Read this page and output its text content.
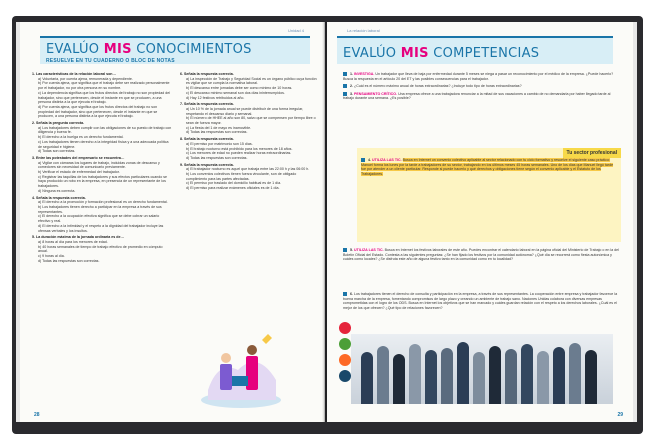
Unidad 4
EVALÚO MIS CONOCIMIENTOS
RESUELVE EN TU CUADERNO O BLOC DE NOTAS
1. Las características de la relación laboral son…
a) Voluntaria, por cuenta ajena, remunerada y dependiente.
b) Por cuenta ajena, que significa que el trabajo debe ser realizado personalmente por el trabajador, no por otra persona en su nombre.
c) La dependencia significa que los frutos directos del trabajo no son propiedad del trabajador, sino que pertenecen, desde el instante en que se producen, a una persona distinta a la que ejecuta el trabajo.
d) Por cuenta ajena, que significa que los frutos directos del trabajo no son propiedad del trabajador, sino que pertenecen, desde el instante en que se producen, a una persona distinta a la que ejecuta el trabajo.
2. Señala la pregunta correcta.
a) Los trabajadores deben cumplir con las obligaciones de su puesto de trabajo con diligencia y buena fe.
b) El derecho a la huelga es un derecho fundamental.
c) Los trabajadores tienen derecho a la integridad física y a una adecuada política de seguridad e higiene.
d) Todas son correctas.
3. Entre las potestades del empresario se encuentra…
a) Vigilar con cámaras los lugares de trabajo, incluidas zonas de descanso y comedores sin necesidad de comunicarlo previamente.
b) Verificar el estado de enfermedad del trabajador.
c) Registrar las taquillas de los trabajadores y sus efectos particulares cuando se haya producido un robo en la empresa, en presencia de un representante de los trabajadores.
d) Ninguna es correcta.
4. Señala la respuesta correcta.
a) El derecho a la promoción y formación profesional es un derecho fundamental.
b) Los trabajadores tienen derecho a participar en la empresa a través de sus representantes.
c) El derecho a la ocupación efectiva significa que se debe cobrar un salario efectivo y real.
d) El derecho a la intimidad y el respeto a la dignidad del trabajador incluye las ofensas verbales y los insultos.
5. La duración máxima de la jornada ordinaria es de…
a) 8 horas al día para los menores de edad.
b) 40 horas semanales de tiempo de trabajo efectivo de promedio en cómputo anual.
c) 9 horas al día.
d) Todas las respuestas son correctas.
6. Señala la respuesta correcta.
a) La inspección de Trabajo y Seguridad Social es un órgano público cuya función es vigilar que se cumpla la normativa laboral.
b) El descanso entre jornadas debe ser como mínimo de 10 horas.
c) El descanso mínimo semanal son dos días ininterrumpidos.
d) Hay 12 festivos retribuidos al año.
7. Señala la respuesta correcta.
a) Un 10 % de la jornada anual se puede distribuir de una forma irregular, respetando el descanso diario y semanal.
b) El número de HHEE al año son 80, salvo que se compensen por tiempo libre o sean de fuerza mayor.
c) La fiesta del 1 de mayo es inamovible.
d) Todas las respuestas son correctas.
8. Señala la respuesta correcta.
a) El permiso por matrimonio son 15 días.
b) El trabajo nocturno está prohibido para los menores de 18 años.
c) Los menores de edad no pueden realizar horas extraordinarias.
d) Todas las respuestas son correctas.
9. Señala la respuesta correcta.
a) El trabajador nocturno es aquel que trabaja entre las 22:00 h y las 06:00 h.
b) Los convenios colectivos tienen fuerza vinculante, son de obligado cumplimiento para las partes afectadas.
c) El permiso por traslado del domicilio habitual es de 1 día.
d) El permiso para realizar exámenes oficiales es de 1 día.
28
La relación laboral
EVALÚO MIS COMPETENCIAS
1. INVESTIGA. Un trabajador que lleva de baja por enfermedad durante 5 meses se niega a pasar un reconocimiento por el médico de la empresa. ¿Puede hacerlo? Busca la respuesta en el artículo 20 del ET y las posibles consecuencias para el trabajador.
2. ¿Cuál es el número máximo anual de horas extraordinarias? ¿Incluye todo tipo de horas extraordinarias?
3. PENSAMIENTO CRÍTICO. Una empresa ofrece a una trabajadora renunciar a la mitad de sus vacaciones a cambio de no demandarla por haber llegado tarde al trabajo durante una semana. ¿Es posible?
Tu sector profesional
4. UTILIZA LAS TIC. Busca en Internet un convenio colectivo aplicable al sector relacionado con tu ciclo formativo y resuelve el siguiente caso práctico: Manuel forma los lunes por la tarde a trabajadores de su sector, trabajando en los últimos meses 45 horas semanales. Uno de los días que Manuel llegó tarde fue por atender a un cliente particular. Responde si puede hacerlo y qué derechos y obligaciones tiene según el convenio aplicable y el Estatuto de los Trabajadores.
5. UTILIZA LAS TIC. Busca en Internet los festivos laborales de este año. Puedes encontrar el calendario laboral en la página oficial del Ministerio de Trabajo o en la del Boletín Oficial del Estado. Contesta a las siguientes preguntas: ¿Se han fijado los festivos por la comunidad autónoma? ¿Qué día se recorrerá como fiesta autonómica y cuáles como locales? ¿Se disfruta este año de alguna festivo tanto en la comunidad como en tu localidad?
6. Los trabajadores tienen el derecho de consulta y participación en la empresa, a través de sus representantes. La cooperación entre empresa y trabajador favorece la buena marcha de la empresa, fomentando compromisos de largo plazo y creando un ambiente de trabajo sano. Naciones Unidas colabora con diversas empresas comprometidas con el logro de los ODS. Busca en Internet los objetivos que se han marcado y cuáles guardan relación con el respeto a los derechos laborales. ¿Cuál es el mejor de los que ofrecen? ¿Qué tipo de relaciones favorecen?
29
